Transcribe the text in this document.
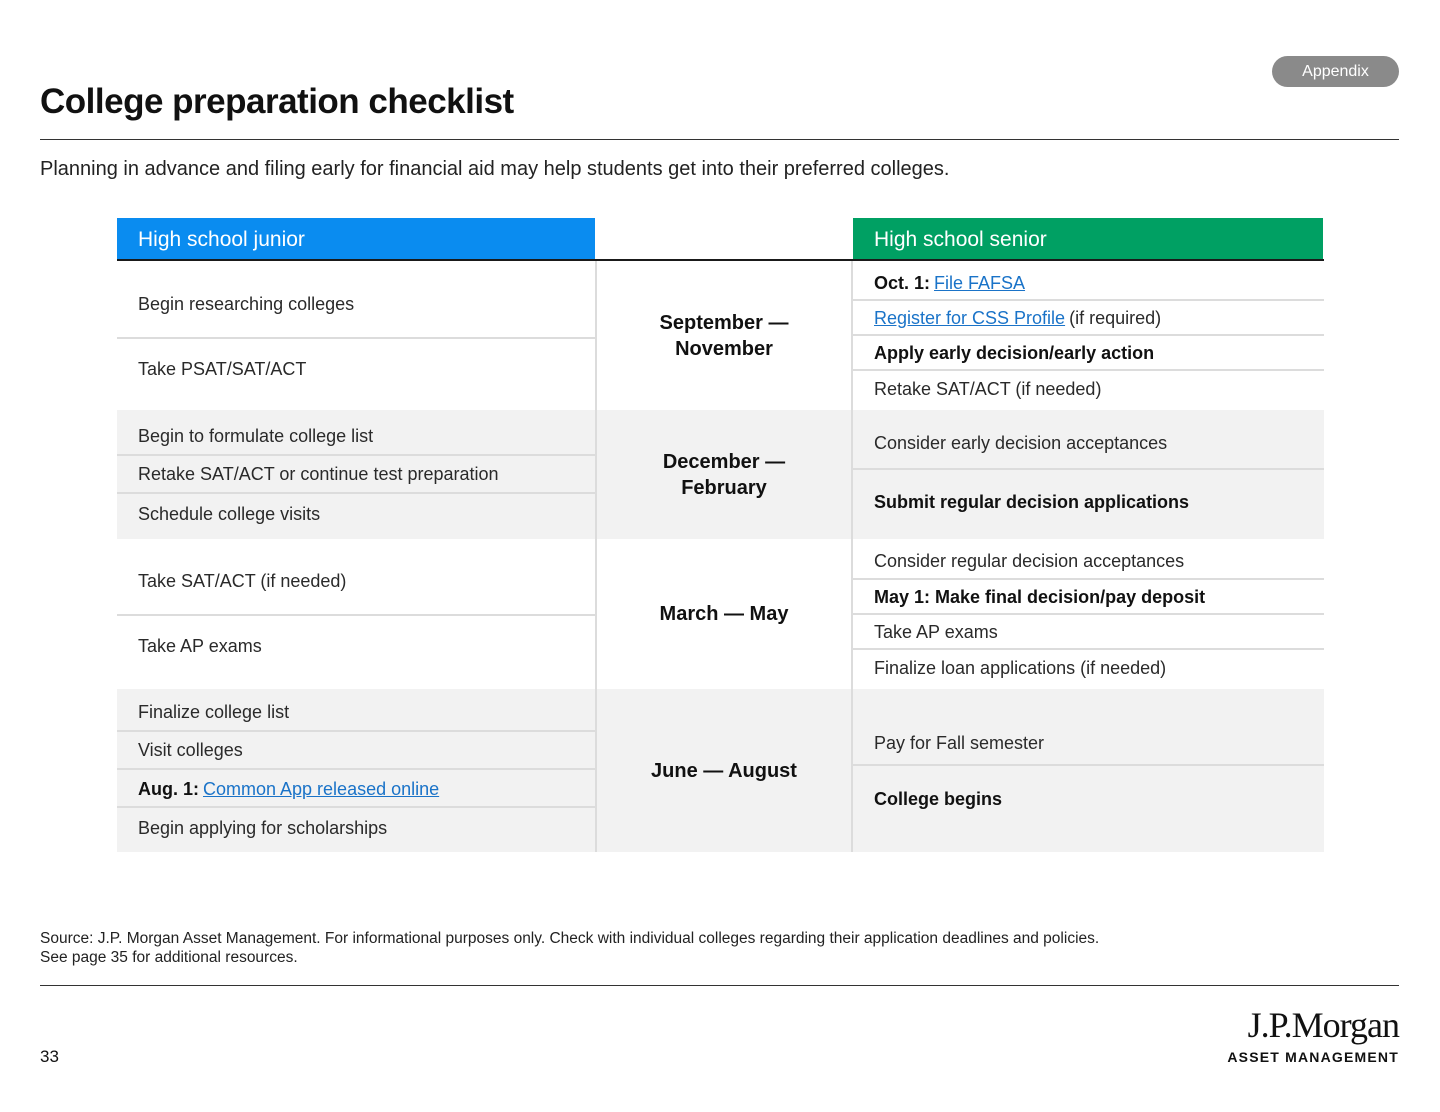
Appendix
College preparation checklist

Planning in advance and filing early for financial aid may help students get into their preferred colleges.

High school junior	High school senior
September —
November
December —
February
March — May
June — August
Begin researching colleges
Take PSAT/SAT/ACT
Begin to formulate college list
Retake SAT/ACT or continue test preparation
Schedule college visits
Take SAT/ACT (if needed)
Take AP exams
Finalize college list
Visit colleges
Aug. 1: Common App released online
Begin applying for scholarships
Oct. 1: File FAFSA
Register for CSS Profile (if required)
Apply early decision/early action
Retake SAT/ACT (if needed)
Consider early decision acceptances
Submit regular decision applications
Consider regular decision acceptances
May 1: Make final decision/pay deposit
Take AP exams
Finalize loan applications (if needed)
Pay for Fall semester
College begins
Source: J.P. Morgan Asset Management. For informational purposes only. Check with individual colleges regarding their application deadlines and policies.
See page 35 for additional resources.
33
J.P.Morgan
ASSET MANAGEMENT
